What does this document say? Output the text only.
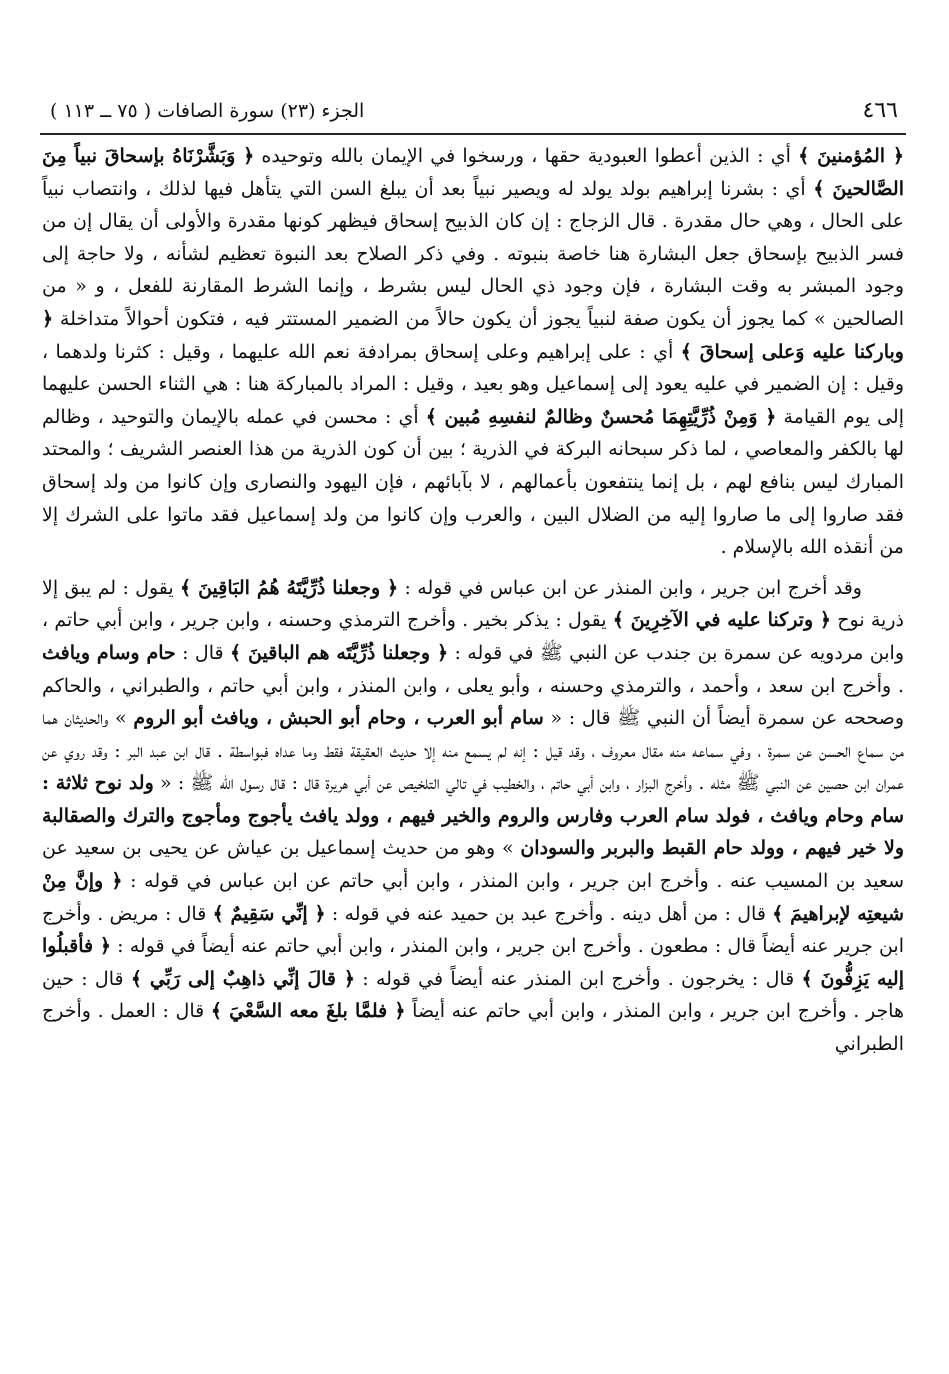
٤٦٦
الجزء (٢٣) سورة الصافات ( ٧٥ ــ ١١٣ )

﴿ المُؤمنينَ ﴾ أي : الذين أعطوا العبودية حقها ، ورسخوا في الإيمان بالله وتوحيده ﴿ وَبَشَّرْنَاهُ بإسحاقَ نبياً مِنَ الصَّالحينَ ﴾ أي : بشرنا إبراهيم بولد يولد له ويصير نبياً بعد أن يبلغ السن التي يتأهل فيها لذلك ، وانتصاب نبياً على الحال ، وهي حال مقدرة . قال الزجاج : إن كان الذبيح إسحاق فيظهر كونها مقدرة والأولى أن يقال إن من فسر الذبيح بإسحاق جعل البشارة هنا خاصة بنبوته . وفي ذكر الصلاح بعد النبوة تعظيم لشأنه ، ولا حاجة إلى وجود المبشر به وقت البشارة ، فإن وجود ذي الحال ليس بشرط ، وإنما الشرط المقارنة للفعل ، و « من الصالحين » كما يجوز أن يكون صفة لنبياً يجوز أن يكون حالاً من الضمير المستتر فيه ، فتكون أحوالاً متداخلة ﴿ وباركنا عليه وَعلى إسحاقَ ﴾ أي : على إبراهيم وعلى إسحاق بمرادفة نعم الله عليهما ، وقيل : كثرنا ولدهما ، وقيل : إن الضمير في عليه يعود إلى إسماعيل وهو بعيد ، وقيل : المراد بالمباركة هنا : هي الثناء الحسن عليهما إلى يوم القيامة ﴿ وَمِنْ ذُرِّيَّتِهِمَا مُحسنٌ وظالمٌ لنفسِهِ مُبين ﴾ أي : محسن في عمله بالإيمان والتوحيد ، وظالم لها بالكفر والمعاصي ، لما ذكر سبحانه البركة في الذرية ؛ بين أن كون الذرية من هذا العنصر الشريف ؛ والمحتد المبارك ليس بنافع لهم ، بل إنما ينتفعون بأعمالهم ، لا بآبائهم ، فإن اليهود والنصارى وإن كانوا من ولد إسحاق فقد صاروا إلى ما صاروا إليه من الضلال البين ، والعرب وإن كانوا من ولد إسماعيل فقد ماتوا على الشرك إلا من أنقذه الله بالإسلام .

وقد أخرج ابن جرير ، وابن المنذر عن ابن عباس في قوله : ﴿ وجعلنا ذُرِّيَّتَهُ هُمُ البَاقِينَ ﴾ يقول : لم يبق إلا ذرية نوح ﴿ وتركنا عليه في الآخِرِينَ ﴾ يقول : يذكر بخير . وأخرج الترمذي وحسنه ، وابن جرير ، وابن أبي حاتم ، وابن مردويه عن سمرة بن جندب عن النبي ﷺ في قوله : ﴿ وجعلنا ذُرِّيَّتَه هم الباقينَ ﴾ قال : حام وسام ويافث . وأخرج ابن سعد ، وأحمد ، والترمذي وحسنه ، وأبو يعلى ، وابن المنذر ، وابن أبي حاتم ، والطبراني ، والحاكم وصححه عن سمرة أيضاً أن النبي ﷺ قال : « سام أبو العرب ، وحام أبو الحبش ، ويافث أبو الروم » والحديثان هما من سماع الحسن عن سمرة ، وفي سماعه منه مقال معروف ، وقد قيل : إنه لم يسمع منه إلا حديث العقيقة فقط وما عداه فبواسطة . قال ابن عبد البر : وقد روي عن عمران ابن حصين عن النبي ﷺ مثله . وأخرج البزار ، وابن أبي حاتم ، والخطيب في تالي التلخيص عن أبي هريرة قال : قال رسول الله ﷺ : « ولد نوح ثلاثة : سام وحام ويافث ، فولد سام العرب وفارس والروم والخير فيهم ، وولد يافث يأجوج ومأجوج والترك والصقالبة ولا خير فيهم ، وولد حام القبط والبربر والسودان » وهو من حديث إسماعيل بن عياش عن يحيى بن سعيد عن سعيد بن المسيب عنه . وأخرج ابن جرير ، وابن المنذر ، وابن أبي حاتم عن ابن عباس في قوله : ﴿ وإنَّ مِنْ شيعتِه لإبراهيمَ ﴾ قال : من أهل دينه . وأخرج عبد بن حميد عنه في قوله : ﴿ إنِّي سَقِيمٌ ﴾ قال : مريض . وأخرج ابن جرير عنه أيضاً قال : مطعون . وأخرج ابن جرير ، وابن المنذر ، وابن أبي حاتم عنه أيضاً في قوله : ﴿ فأقبلُوا إليه يَزِفُّونَ ﴾ قال : يخرجون . وأخرج ابن المنذر عنه أيضاً في قوله : ﴿ قالَ إنِّي ذاهِبٌ إلى رَبِّي ﴾ قال : حين هاجر . وأخرج ابن جرير ، وابن المنذر ، وابن أبي حاتم عنه أيضاً ﴿ فلمَّا بلغَ معه السَّعْيَ ﴾ قال : العمل . وأخرج الطبراني
